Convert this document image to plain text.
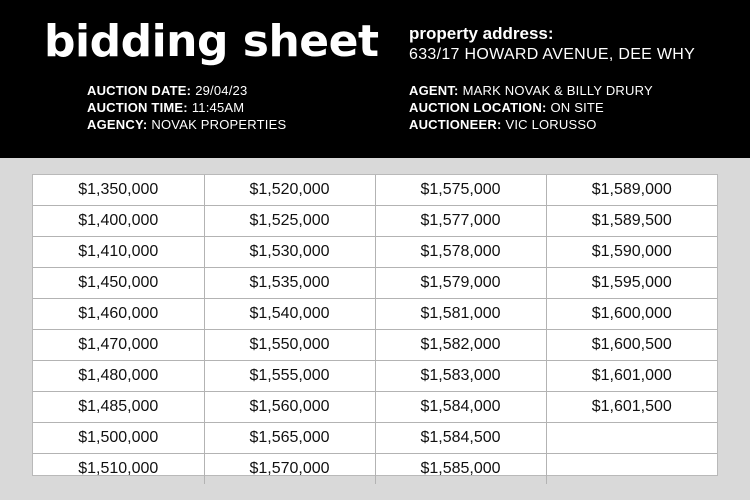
bidding sheet property address:
633/17 HOWARD AVENUE, DEE WHY
AUCTION DATE: 29/04/23
AUCTION TIME: 11:45AM
AGENCY: NOVAK PROPERTIES
AGENT: MARK NOVAK & BILLY DRURY
AUCTION LOCATION: ON SITE
AUCTIONEER: VIC LORUSSO
$1,350,000	$1,520,000	$1,575,000	$1,589,000
$1,400,000	$1,525,000	$1,577,000	$1,589,500
$1,410,000	$1,530,000	$1,578,000	$1,590,000
$1,450,000	$1,535,000	$1,579,000	$1,595,000
$1,460,000	$1,540,000	$1,581,000	$1,600,000
$1,470,000	$1,550,000	$1,582,000	$1,600,500
$1,480,000	$1,555,000	$1,583,000	$1,601,000
$1,485,000	$1,560,000	$1,584,000	$1,601,500
$1,500,000	$1,565,000	$1,584,500	
$1,510,000	$1,570,000	$1,585,000	
